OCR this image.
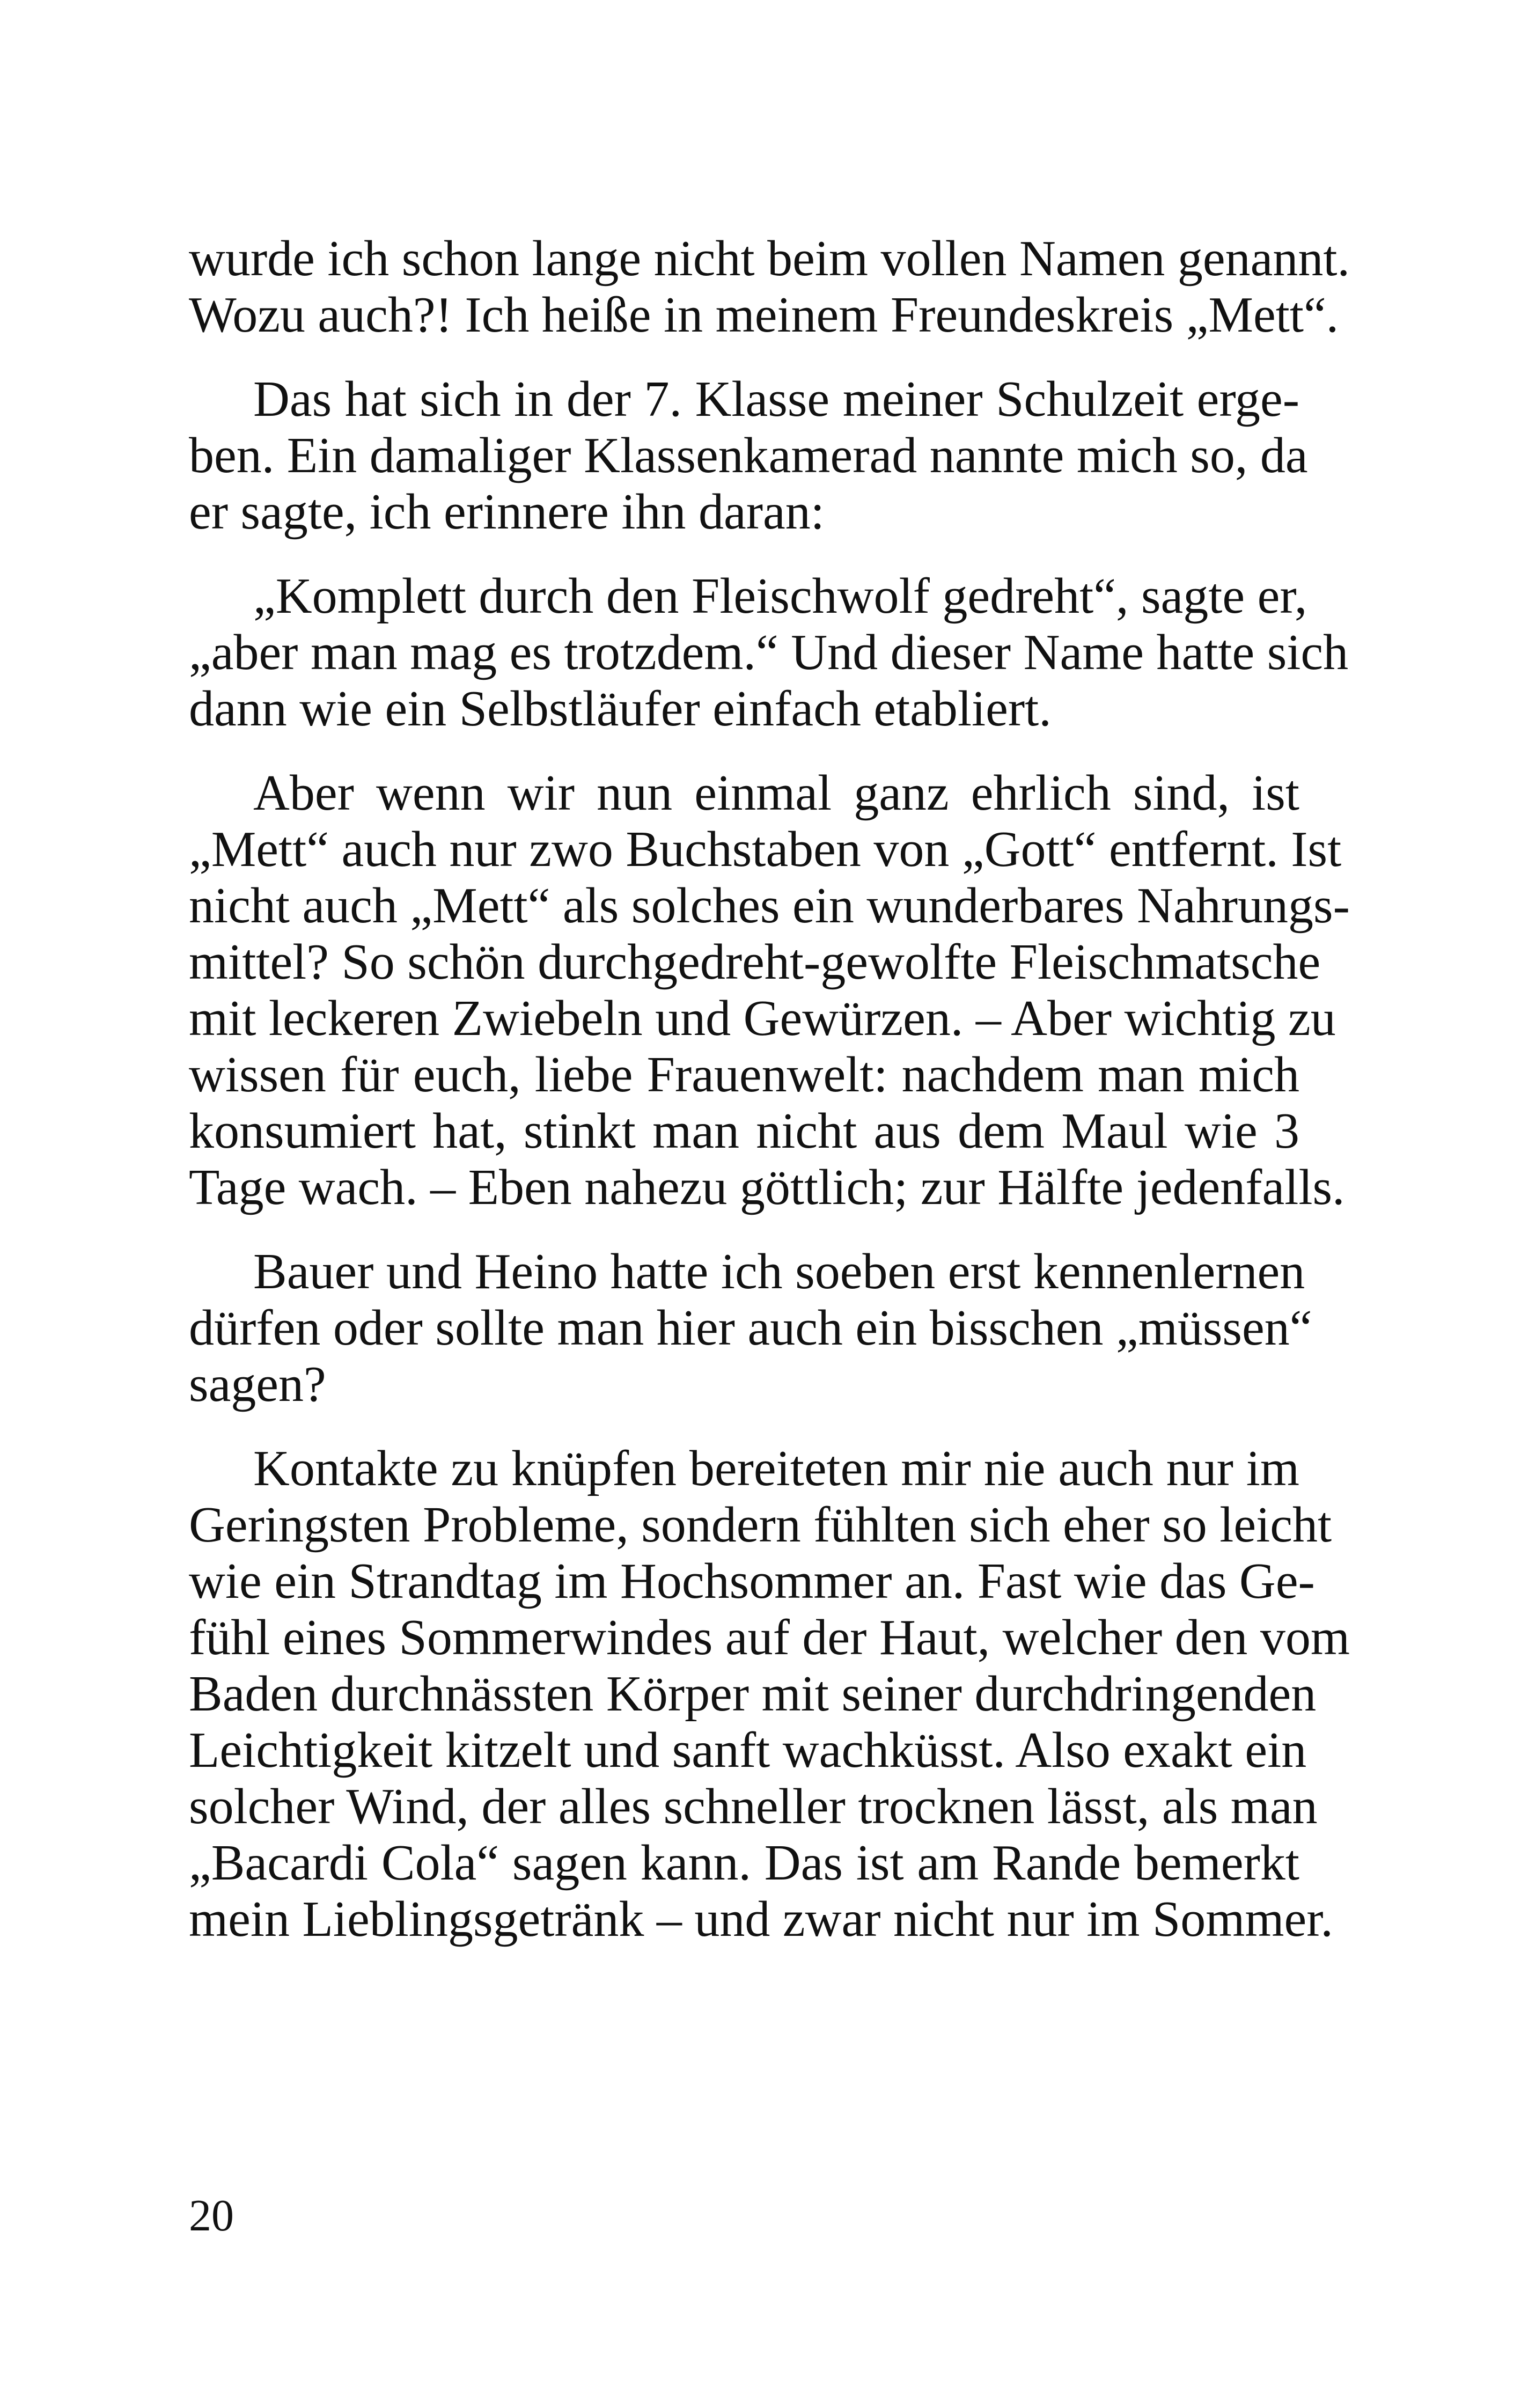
wurde ich schon lange nicht beim vollen Namen genannt.
Wozu auch?! Ich heiße in meinem Freundeskreis „Mett“.
Das hat sich in der 7. Klasse meiner Schulzeit erge-
ben. Ein damaliger Klassenkamerad nannte mich so, da
er sagte, ich erinnere ihn daran:
„Komplett durch den Fleischwolf gedreht“, sagte er,
„aber man mag es trotzdem.“ Und dieser Name hatte sich
dann wie ein Selbstläufer einfach etabliert.
Aber wenn wir nun einmal ganz ehrlich sind, ist
„Mett“ auch nur zwo Buchstaben von „Gott“ entfernt. Ist
nicht auch „Mett“ als solches ein wunderbares Nahrungs-
mittel? So schön durchgedreht-gewolfte Fleischmatsche
mit leckeren Zwiebeln und Gewürzen. – Aber wichtig zu
wissen für euch, liebe Frauenwelt: nachdem man mich
konsumiert hat, stinkt man nicht aus dem Maul wie 3
Tage wach. – Eben nahezu göttlich; zur Hälfte jedenfalls.
Bauer und Heino hatte ich soeben erst kennenlernen
dürfen oder sollte man hier auch ein bisschen „müssen“
sagen?
Kontakte zu knüpfen bereiteten mir nie auch nur im
Geringsten Probleme, sondern fühlten sich eher so leicht
wie ein Strandtag im Hochsommer an. Fast wie das Ge-
fühl eines Sommerwindes auf der Haut, welcher den vom
Baden durchnässten Körper mit seiner durchdringenden
Leichtigkeit kitzelt und sanft wachküsst. Also exakt ein
solcher Wind, der alles schneller trocknen lässt, als man
„Bacardi Cola“ sagen kann. Das ist am Rande bemerkt
mein Lieblingsgetränk – und zwar nicht nur im Sommer.
20
